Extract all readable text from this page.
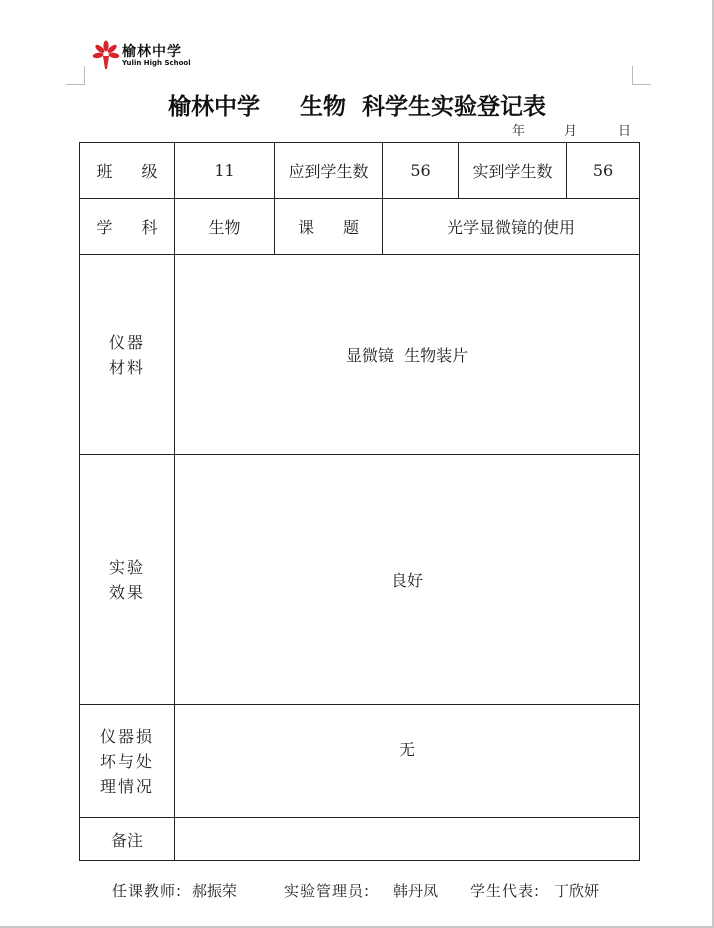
榆林中学
Yulin High School
榆林中学     生物  科学生实验登记表
年	月	日
班 级	11	应到学生数	56	实到学生数	56
学 科	生物	课 题	光学显微镜的使用		
仪器
材料	显微镜  生物装片				
实验
效果	良好				
仪器损
坏与处
理情况	无				
备注					
任课教师: 郝振荣	实验管理员: 韩丹凤 学生代表: 丁欣妍
